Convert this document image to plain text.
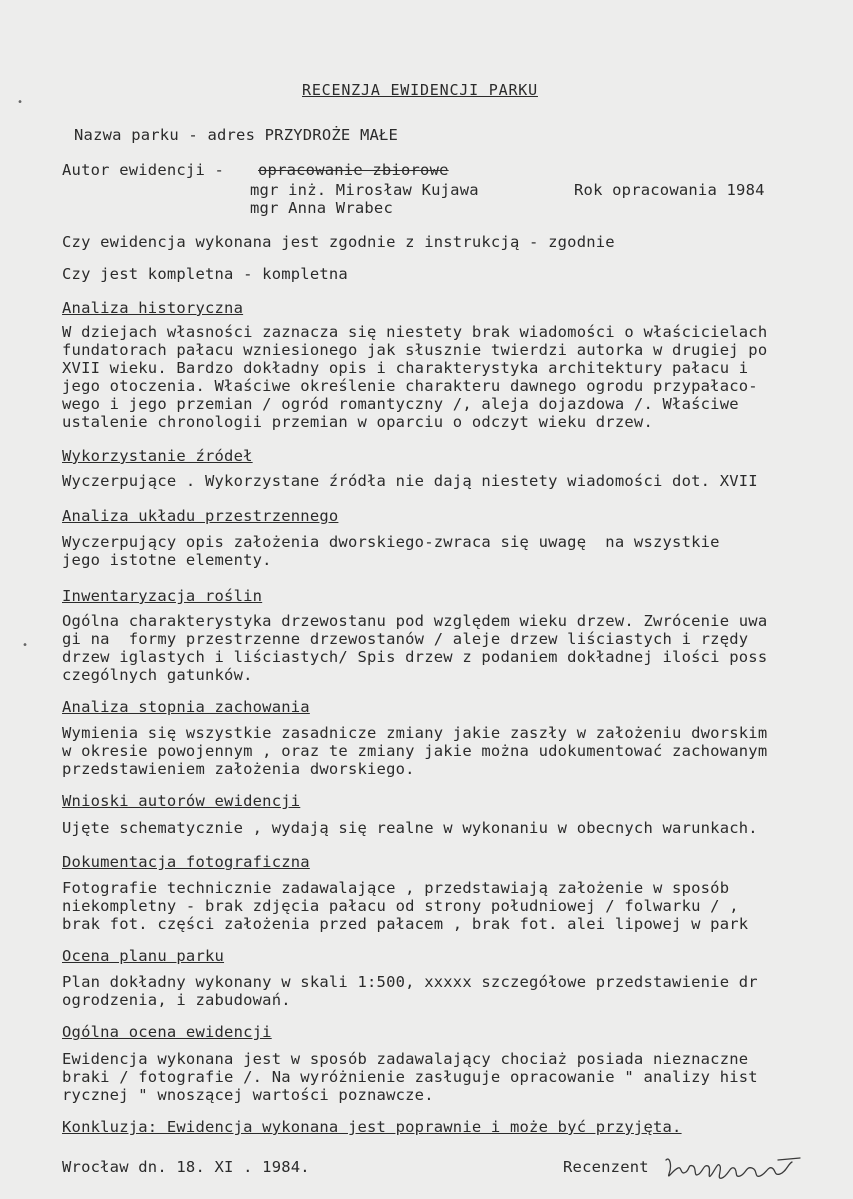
RECENZJA EWIDENCJI PARKU
Nazwa parku - adres PRZYDROŻE MAŁE
Autor ewidencji - opracowanie zbiorowe
mgr inż. Mirosław Kujawa	Rok opracowania 1984
mgr Anna Wrabec
Czy ewidencja wykonana jest zgodnie z instrukcją - zgodnie
Czy jest kompletna - kompletna
Analiza historyczna
W dziejach własności zaznacza się niestety brak wiadomości o właścicielach
fundatorach pałacu wzniesionego jak słusznie twierdzi autorka w drugiej po
XVII wieku. Bardzo dokładny opis i charakterystyka architektury pałacu i
jego otoczenia. Właściwe określenie charakteru dawnego ogrodu przypałaco-
wego i jego przemian / ogród romantyczny /, aleja dojazdowa /. Właściwe
ustalenie chronologii przemian w oparciu o odczyt wieku drzew.
Wykorzystanie źródeł
Wyczerpujące . Wykorzystane źródła nie dają niestety wiadomości dot. XVII
Analiza układu przestrzennego
Wyczerpujący opis założenia dworskiego-zwraca się uwagę  na wszystkie
jego istotne elementy.
Inwentaryzacja roślin
Ogólna charakterystyka drzewostanu pod względem wieku drzew. Zwrócenie uwa
gi na  formy przestrzenne drzewostanów / aleje drzew liściastych i rzędy
drzew iglastych i liściastych/ Spis drzew z podaniem dokładnej ilości poss
czególnych gatunków.
Analiza stopnia zachowania
Wymienia się wszystkie zasadnicze zmiany jakie zaszły w założeniu dworskim
w okresie powojennym , oraz te zmiany jakie można udokumentować zachowanym
przedstawieniem założenia dworskiego.
Wnioski autorów ewidencji
Ujęte schematycznie , wydają się realne w wykonaniu w obecnych warunkach.
Dokumentacja fotograficzna
Fotografie technicznie zadawalające , przedstawiają założenie w sposób
niekompletny - brak zdjęcia pałacu od strony południowej / folwarku / ,
brak fot. części założenia przed pałacem , brak fot. alei lipowej w park
Ocena planu parku
Plan dokładny wykonany w skali 1:500, xxxxx szczegółowe przedstawienie dr
ogrodzenia, i zabudowań.
Ogólna ocena ewidencji
Ewidencja wykonana jest w sposób zadawalający chociaż posiada nieznaczne
braki / fotografie /. Na wyróżnienie zasługuje opracowanie " analizy hist
rycznej " wnoszącej wartości poznawcze.
Konkluzja: Ewidencja wykonana jest poprawnie i może być przyjęta.
Wrocław dn. 18. XI . 1984.	Recenzent
•
•
